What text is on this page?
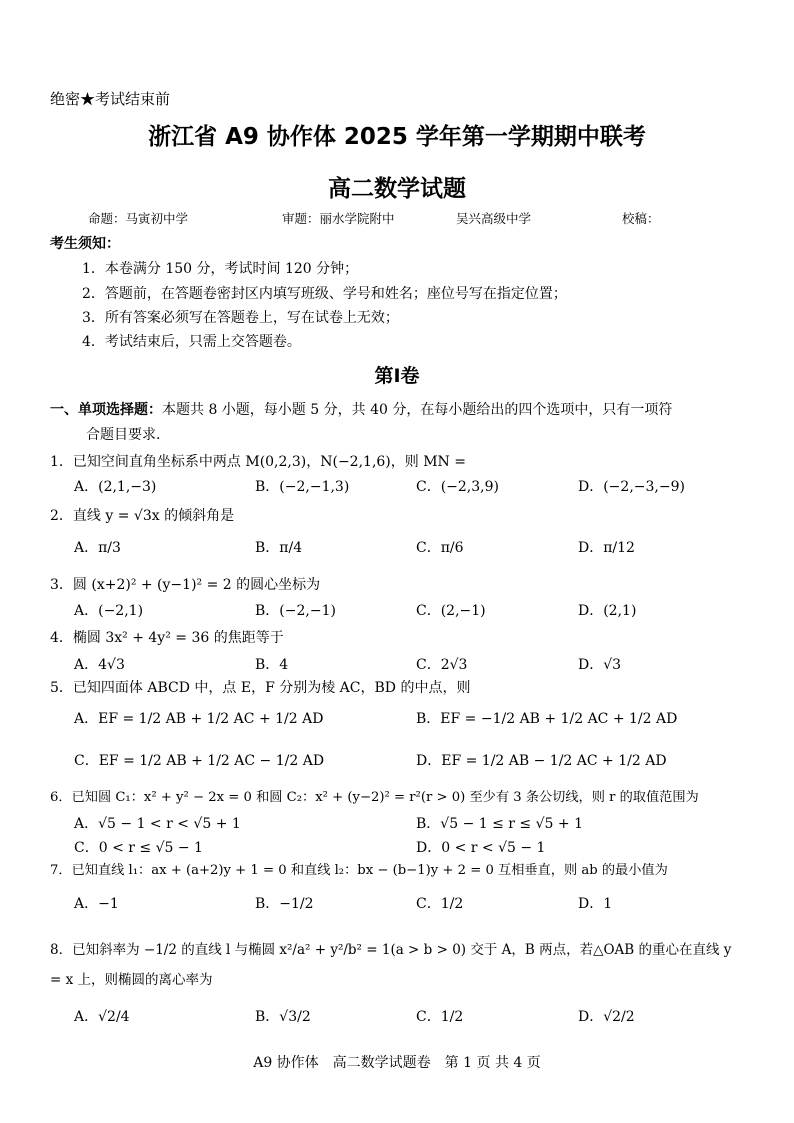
绝密★考试结束前
浙江省 A9 协作体 2025 学年第一学期期中联考
高二数学试题
命题：马寅初中学	审题：丽水学院附中	吴兴高级中学	校稿：
考生须知：
1．本卷满分 150 分，考试时间 120 分钟；
2．答题前，在答题卷密封区内填写班级、学号和姓名；座位号写在指定位置；
3．所有答案必须写在答题卷上，写在试卷上无效；
4．考试结束后，只需上交答题卷。
第Ⅰ卷
一、单项选择题：本题共 8 小题，每小题 5 分，共 40 分，在每小题给出的四个选项中，只有一项符
合题目要求.
1．已知空间直角坐标系中两点 M(0,2,3)，N(−2,1,6)，则 MN =
A．(2,1,−3)	B．(−2,−1,3)	C．(−2,3,9)	D．(−2,−3,−9)
2．直线 y = √3x 的倾斜角是
A．π/3	B．π/4	C．π/6	D．π/12
3．圆 (x+2)² + (y−1)² = 2 的圆心坐标为
A．(−2,1)	B．(−2,−1)	C．(2,−1)	D．(2,1)
4．椭圆 3x² + 4y² = 36 的焦距等于
A．4√3	B．4	C．2√3	D．√3
5．已知四面体 ABCD 中，点 E，F 分别为棱 AC，BD 的中点，则
A．EF = 1/2 AB + 1/2 AC + 1/2 AD	B．EF = −1/2 AB + 1/2 AC + 1/2 AD
C．EF = 1/2 AB + 1/2 AC − 1/2 AD	D．EF = 1/2 AB − 1/2 AC + 1/2 AD
6．已知圆 C₁：x² + y² − 2x = 0 和圆 C₂：x² + (y−2)² = r²(r > 0) 至少有 3 条公切线，则 r 的取值范围为
A．√5 − 1 < r < √5 + 1	B．√5 − 1 ≤ r ≤ √5 + 1
C．0 < r ≤ √5 − 1	D．0 < r < √5 − 1
7．已知直线 l₁：ax + (a+2)y + 1 = 0 和直线 l₂：bx − (b−1)y + 2 = 0 互相垂直，则 ab 的最小值为
A．−1	B．−1/2	C．1/2	D．1
8．已知斜率为 −1/2 的直线 l 与椭圆 x²/a² + y²/b² = 1(a > b > 0) 交于 A，B 两点，若△OAB 的重心在直线 y = x 上，则椭圆的离心率为
A．√2/4	B．√3/2	C．1/2	D．√2/2
A9 协作体　高二数学试题卷　第 1 页 共 4 页
